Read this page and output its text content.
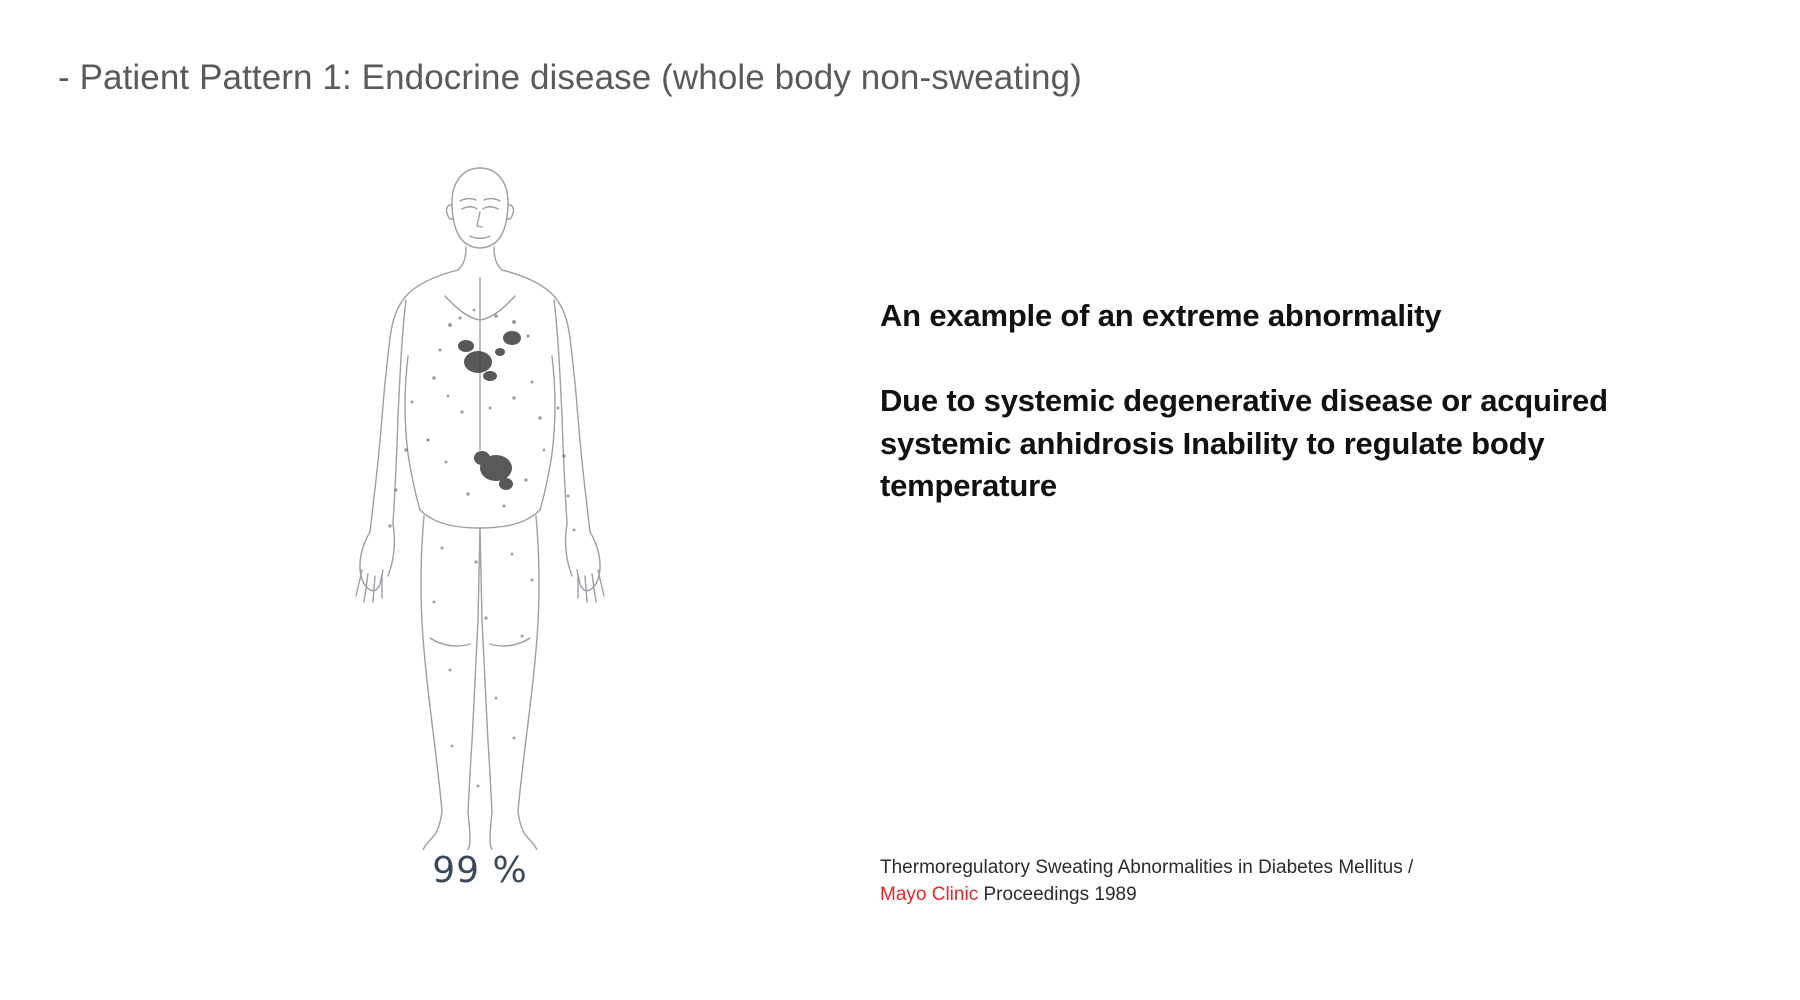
- Patient Pattern 1: Endocrine disease (whole body non-sweating)
99 %
An example of an extreme abnormality
Due to systemic degenerative disease or acquired systemic anhidrosis Inability to regulate body temperature
Thermoregulatory Sweating Abnormalities in Diabetes Mellitus /
Mayo Clinic Proceedings 1989
